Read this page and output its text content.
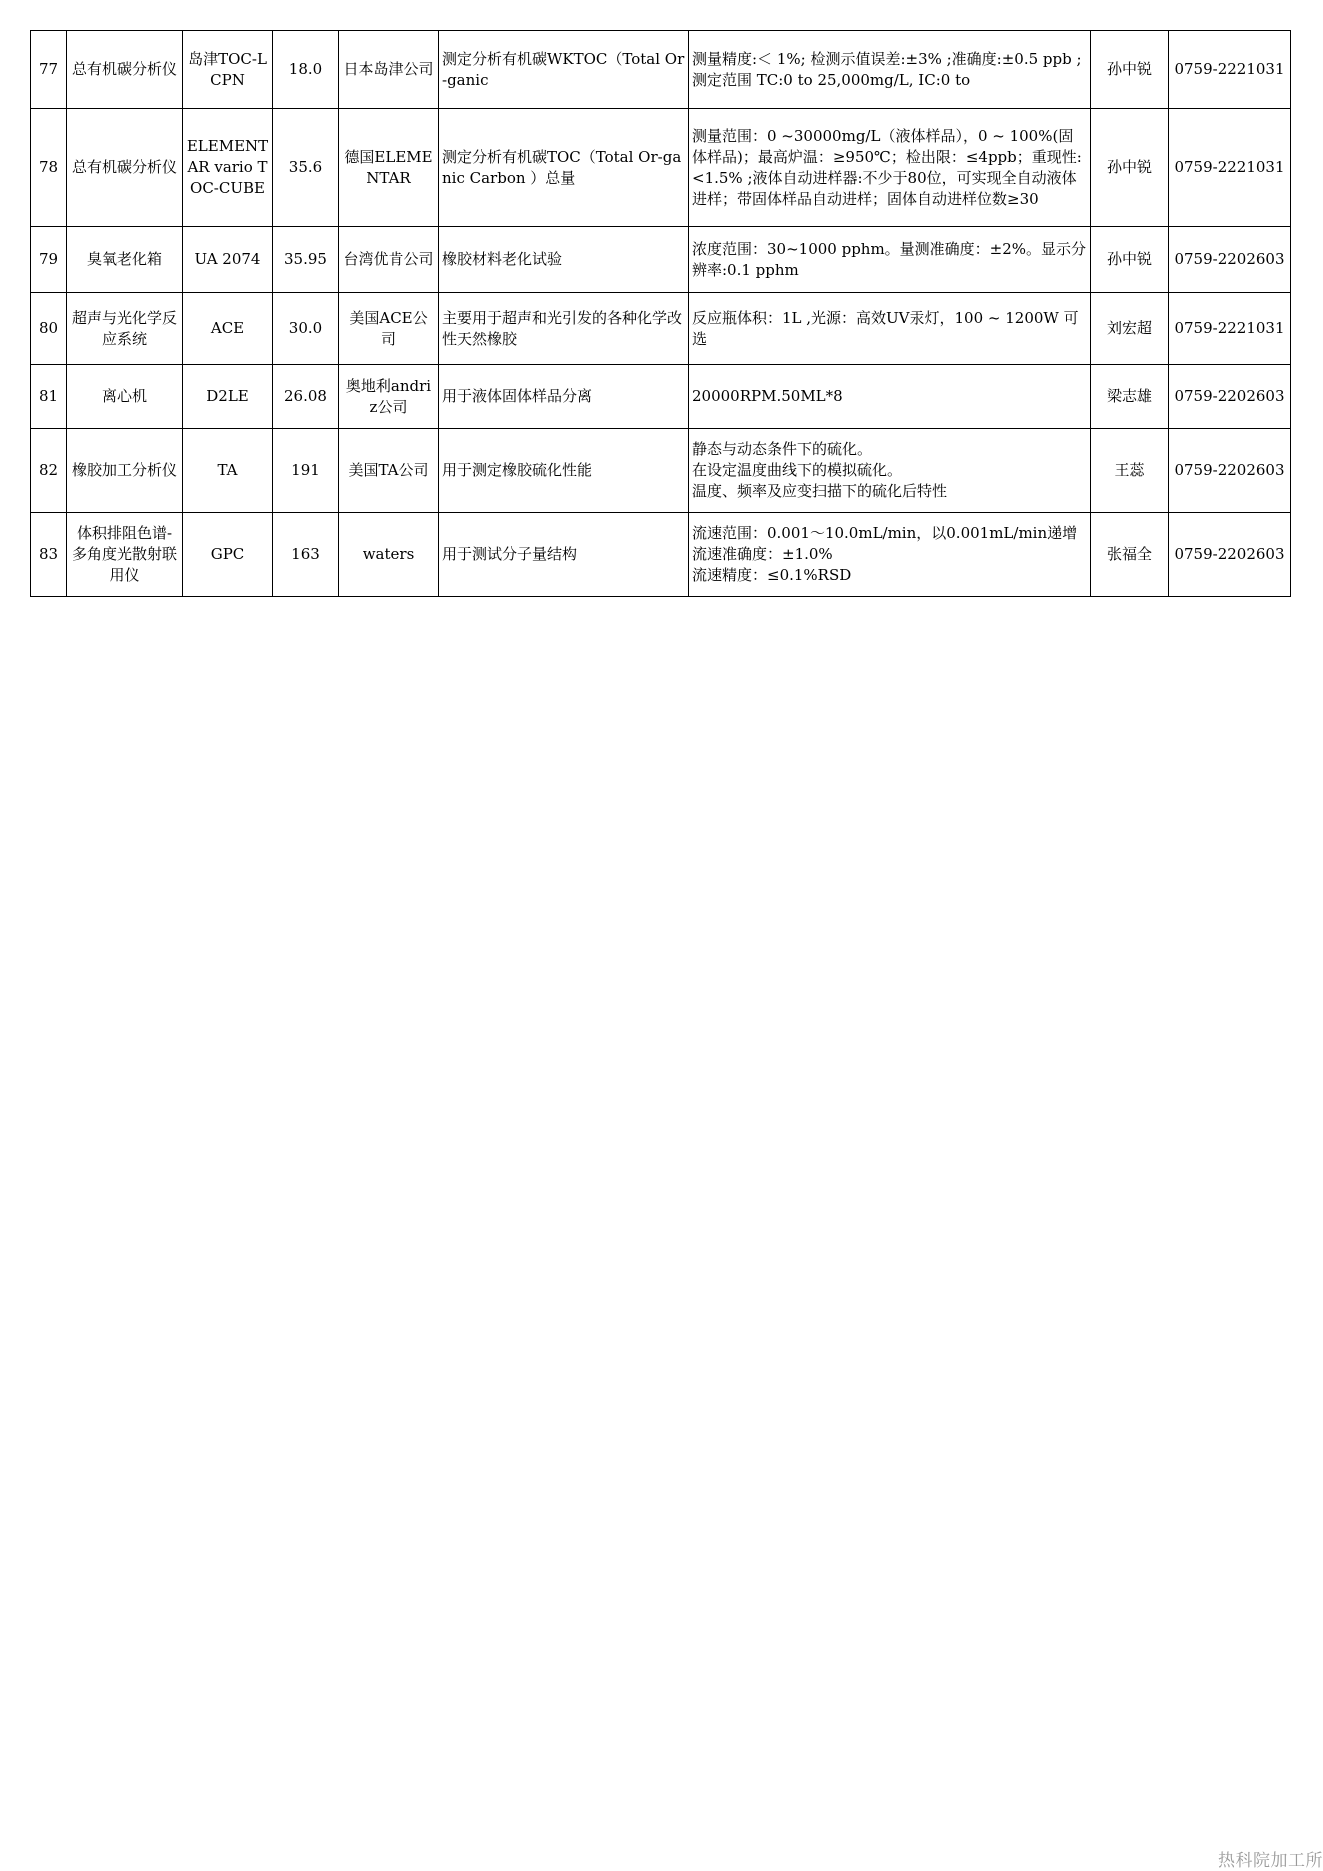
77	总有机碳分析仪	岛津TOC-LCPN	18.0	日本岛津公司	测定分析有机碳WKTOC（Total Or-ganic	测量精度:＜ 1%; 检测示值误差:±3% ;准确度:±0.5 ppb ;测定范围 TC:0 to 25,000mg/L, IC:0 to	孙中锐	0759-2221031
78	总有机碳分析仪	ELEMENTAR vario TOC-CUBE	35.6	德国ELEMENTAR	测定分析有机碳TOC（Total Or-ganic Carbon ）总量	测量范围：0 ~30000mg/L（液体样品），0 ~ 100%(固体样品)；最高炉温：≥950℃；检出限：≤4ppb；重现性:<1.5% ;液体自动进样器:不少于80位，可实现全自动液体进样；带固体样品自动进样；固体自动进样位数≥30	孙中锐	0759-2221031
79	臭氧老化箱	UA 2074	35.95	台湾优肯公司	橡胶材料老化试验	浓度范围：30~1000 pphm。量测准确度：±2%。显示分辨率:0.1 pphm	孙中锐	0759-2202603
80	超声与光化学反应系统	ACE	30.0	美国ACE公司	主要用于超声和光引发的各种化学改性天然橡胶	反应瓶体积：1L ,光源：高效UV汞灯，100 ~ 1200W 可选	刘宏超	0759-2221031
81	离心机	D2LE	26.08	奥地利andriz公司	用于液体固体样品分离	20000RPM.50ML*8	梁志雄	0759-2202603
82	橡胶加工分析仪	TA	191	美国TA公司	用于测定橡胶硫化性能	静态与动态条件下的硫化。
在设定温度曲线下的模拟硫化。
温度、频率及应变扫描下的硫化后特性	王蕊	0759-2202603
83	体积排阻色谱-多角度光散射联用仪	GPC	163	waters	用于测试分子量结构	流速范围：0.001～10.0mL/min，以0.001mL/min递增流速准确度：±1.0%
流速精度：≤0.1%RSD	张福全	0759-2202603
热科院加工所
